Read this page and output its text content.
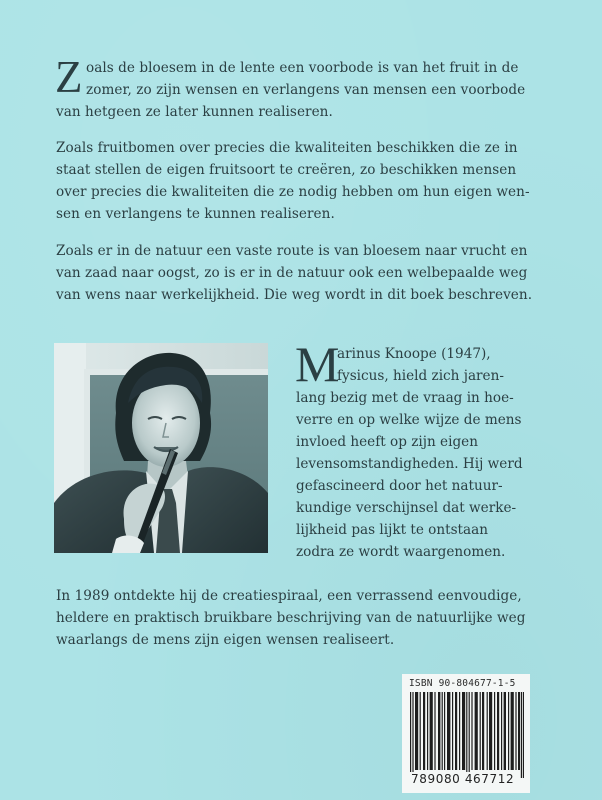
Z oals de bloesem in de lente een voorbode is van het fruit in de
zomer, zo zijn wensen en verlangens van mensen een voorbode
van hetgeen ze later kunnen realiseren.

Zoals fruitbomen over precies die kwaliteiten beschikken die ze in
staat stellen de eigen fruitsoort te creëren, zo beschikken mensen
over precies die kwaliteiten die ze nodig hebben om hun eigen wen-
sen en verlangens te kunnen realiseren.

Zoals er in de natuur een vaste route is van bloesem naar vrucht en
van zaad naar oogst, zo is er in de natuur ook een welbepaalde weg
van wens naar werkelijkheid. Die weg wordt in dit boek beschreven.

M

arinus Knoope (1947),
fysicus, hield zich jaren-
lang bezig met de vraag in hoe-
verre en op welke wijze de mens
invloed heeft op zijn eigen
levensomstandigheden. Hij werd
gefascineerd door het natuur-
kundige verschijnsel dat werke-
lijkheid pas lijkt te ontstaan
zodra ze wordt waargenomen.

In 1989 ontdekte hij de creatiespiraal, een verrassend eenvoudige,
heldere en praktisch bruikbare beschrijving van de natuurlijke weg
waarlangs de mens zijn eigen wensen realiseert.

ISBN 90-804677-1-5
789080 467712
